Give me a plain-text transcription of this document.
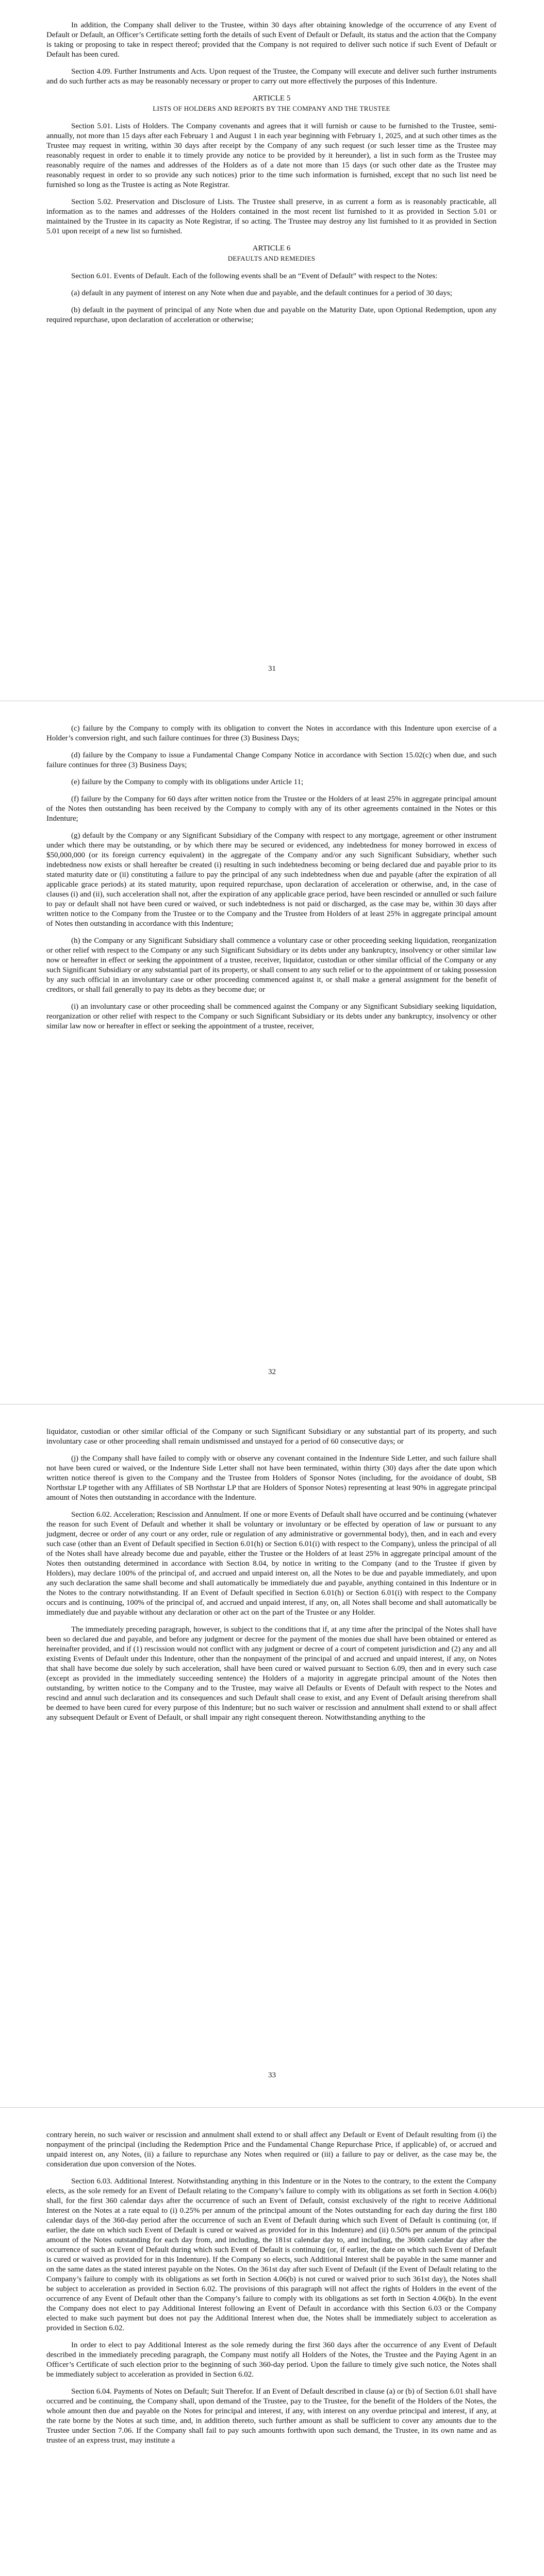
In addition, the Company shall deliver to the Trustee, within 30 days after obtaining knowledge of the occurrence of any Event of Default or Default, an Officer’s Certificate setting forth the details of such Event of Default or Default, its status and the action that the Company is taking or proposing to take in respect thereof; provided that the Company is not required to deliver such notice if such Event of Default or Default has been cured.

Section 4.09. Further Instruments and Acts. Upon request of the Trustee, the Company will execute and deliver such further instruments and do such further acts as may be reasonably necessary or proper to carry out more effectively the purposes of this Indenture.

ARTICLE 5
LISTS OF HOLDERS AND REPORTS BY THE COMPANY AND THE TRUSTEE

Section 5.01. Lists of Holders. The Company covenants and agrees that it will furnish or cause to be furnished to the Trustee, semi-annually, not more than 15 days after each February 1 and August 1 in each year beginning with February 1, 2025, and at such other times as the Trustee may request in writing, within 30 days after receipt by the Company of any such request (or such lesser time as the Trustee may reasonably request in order to enable it to timely provide any notice to be provided by it hereunder), a list in such form as the Trustee may reasonably require of the names and addresses of the Holders as of a date not more than 15 days (or such other date as the Trustee may reasonably request in order to so provide any such notices) prior to the time such information is furnished, except that no such list need be furnished so long as the Trustee is acting as Note Registrar.

Section 5.02. Preservation and Disclosure of Lists. The Trustee shall preserve, in as current a form as is reasonably practicable, all information as to the names and addresses of the Holders contained in the most recent list furnished to it as provided in Section 5.01 or maintained by the Trustee in its capacity as Note Registrar, if so acting. The Trustee may destroy any list furnished to it as provided in Section 5.01 upon receipt of a new list so furnished.

ARTICLE 6
DEFAULTS AND REMEDIES

Section 6.01. Events of Default. Each of the following events shall be an “Event of Default” with respect to the Notes:

(a) default in any payment of interest on any Note when due and payable, and the default continues for a period of 30 days;

(b) default in the payment of principal of any Note when due and payable on the Maturity Date, upon Optional Redemption, upon any required repurchase, upon declaration of acceleration or otherwise;

31

(c) failure by the Company to comply with its obligation to convert the Notes in accordance with this Indenture upon exercise of a Holder’s conversion right, and such failure continues for three (3) Business Days;

(d) failure by the Company to issue a Fundamental Change Company Notice in accordance with Section 15.02(c) when due, and such failure continues for three (3) Business Days;

(e) failure by the Company to comply with its obligations under Article 11;

(f) failure by the Company for 60 days after written notice from the Trustee or the Holders of at least 25% in aggregate principal amount of the Notes then outstanding has been received by the Company to comply with any of its other agreements contained in the Notes or this Indenture;

(g) default by the Company or any Significant Subsidiary of the Company with respect to any mortgage, agreement or other instrument under which there may be outstanding, or by which there may be secured or evidenced, any indebtedness for money borrowed in excess of $50,000,000 (or its foreign currency equivalent) in the aggregate of the Company and/or any such Significant Subsidiary, whether such indebtedness now exists or shall hereafter be created (i) resulting in such indebtedness becoming or being declared due and payable prior to its stated maturity date or (ii) constituting a failure to pay the principal of any such indebtedness when due and payable (after the expiration of all applicable grace periods) at its stated maturity, upon required repurchase, upon declaration of acceleration or otherwise, and, in the case of clauses (i) and (ii), such acceleration shall not, after the expiration of any applicable grace period, have been rescinded or annulled or such failure to pay or default shall not have been cured or waived, or such indebtedness is not paid or discharged, as the case may be, within 30 days after written notice to the Company from the Trustee or to the Company and the Trustee from Holders of at least 25% in aggregate principal amount of Notes then outstanding in accordance with this Indenture;

(h) the Company or any Significant Subsidiary shall commence a voluntary case or other proceeding seeking liquidation, reorganization or other relief with respect to the Company or any such Significant Subsidiary or its debts under any bankruptcy, insolvency or other similar law now or hereafter in effect or seeking the appointment of a trustee, receiver, liquidator, custodian or other similar official of the Company or any such Significant Subsidiary or any substantial part of its property, or shall consent to any such relief or to the appointment of or taking possession by any such official in an involuntary case or other proceeding commenced against it, or shall make a general assignment for the benefit of creditors, or shall fail generally to pay its debts as they become due; or

(i) an involuntary case or other proceeding shall be commenced against the Company or any Significant Subsidiary seeking liquidation, reorganization or other relief with respect to the Company or such Significant Subsidiary or its debts under any bankruptcy, insolvency or other similar law now or hereafter in effect or seeking the appointment of a trustee, receiver,

32

liquidator, custodian or other similar official of the Company or such Significant Subsidiary or any substantial part of its property, and such involuntary case or other proceeding shall remain undismissed and unstayed for a period of 60 consecutive days; or

(j) the Company shall have failed to comply with or observe any covenant contained in the Indenture Side Letter, and such failure shall not have been cured or waived, or the Indenture Side Letter shall not have been terminated, within thirty (30) days after the date upon which written notice thereof is given to the Company and the Trustee from Holders of Sponsor Notes (including, for the avoidance of doubt, SB Northstar LP together with any Affiliates of SB Northstar LP that are Holders of Sponsor Notes) representing at least 90% in aggregate principal amount of Notes then outstanding in accordance with the Indenture.

Section 6.02. Acceleration; Rescission and Annulment. If one or more Events of Default shall have occurred and be continuing (whatever the reason for such Event of Default and whether it shall be voluntary or involuntary or be effected by operation of law or pursuant to any judgment, decree or order of any court or any order, rule or regulation of any administrative or governmental body), then, and in each and every such case (other than an Event of Default specified in Section 6.01(h) or Section 6.01(i) with respect to the Company), unless the principal of all of the Notes shall have already become due and payable, either the Trustee or the Holders of at least 25% in aggregate principal amount of the Notes then outstanding determined in accordance with Section 8.04, by notice in writing to the Company (and to the Trustee if given by Holders), may declare 100% of the principal of, and accrued and unpaid interest on, all the Notes to be due and payable immediately, and upon any such declaration the same shall become and shall automatically be immediately due and payable, anything contained in this Indenture or in the Notes to the contrary notwithstanding. If an Event of Default specified in Section 6.01(h) or Section 6.01(i) with respect to the Company occurs and is continuing, 100% of the principal of, and accrued and unpaid interest, if any, on, all Notes shall become and shall automatically be immediately due and payable without any declaration or other act on the part of the Trustee or any Holder.

The immediately preceding paragraph, however, is subject to the conditions that if, at any time after the principal of the Notes shall have been so declared due and payable, and before any judgment or decree for the payment of the monies due shall have been obtained or entered as hereinafter provided, and if (1) rescission would not conflict with any judgment or decree of a court of competent jurisdiction and (2) any and all existing Events of Default under this Indenture, other than the nonpayment of the principal of and accrued and unpaid interest, if any, on Notes that shall have become due solely by such acceleration, shall have been cured or waived pursuant to Section 6.09, then and in every such case (except as provided in the immediately succeeding sentence) the Holders of a majority in aggregate principal amount of the Notes then outstanding, by written notice to the Company and to the Trustee, may waive all Defaults or Events of Default with respect to the Notes and rescind and annul such declaration and its consequences and such Default shall cease to exist, and any Event of Default arising therefrom shall be deemed to have been cured for every purpose of this Indenture; but no such waiver or rescission and annulment shall extend to or shall affect any subsequent Default or Event of Default, or shall impair any right consequent thereon. Notwithstanding anything to the

33

contrary herein, no such waiver or rescission and annulment shall extend to or shall affect any Default or Event of Default resulting from (i) the nonpayment of the principal (including the Redemption Price and the Fundamental Change Repurchase Price, if applicable) of, or accrued and unpaid interest on, any Notes, (ii) a failure to repurchase any Notes when required or (iii) a failure to pay or deliver, as the case may be, the consideration due upon conversion of the Notes.

Section 6.03. Additional Interest. Notwithstanding anything in this Indenture or in the Notes to the contrary, to the extent the Company elects, as the sole remedy for an Event of Default relating to the Company’s failure to comply with its obligations as set forth in Section 4.06(b) shall, for the first 360 calendar days after the occurrence of such an Event of Default, consist exclusively of the right to receive Additional Interest on the Notes at a rate equal to (i) 0.25% per annum of the principal amount of the Notes outstanding for each day during the first 180 calendar days of the 360-day period after the occurrence of such an Event of Default during which such Event of Default is continuing (or, if earlier, the date on which such Event of Default is cured or waived as provided for in this Indenture) and (ii) 0.50% per annum of the principal amount of the Notes outstanding for each day from, and including, the 181st calendar day to, and including, the 360th calendar day after the occurrence of such an Event of Default during which such Event of Default is continuing (or, if earlier, the date on which such Event of Default is cured or waived as provided for in this Indenture). If the Company so elects, such Additional Interest shall be payable in the same manner and on the same dates as the stated interest payable on the Notes. On the 361st day after such Event of Default (if the Event of Default relating to the Company’s failure to comply with its obligations as set forth in Section 4.06(b) is not cured or waived prior to such 361st day), the Notes shall be subject to acceleration as provided in Section 6.02. The provisions of this paragraph will not affect the rights of Holders in the event of the occurrence of any Event of Default other than the Company’s failure to comply with its obligations as set forth in Section 4.06(b). In the event the Company does not elect to pay Additional Interest following an Event of Default in accordance with this Section 6.03 or the Company elected to make such payment but does not pay the Additional Interest when due, the Notes shall be immediately subject to acceleration as provided in Section 6.02.

In order to elect to pay Additional Interest as the sole remedy during the first 360 days after the occurrence of any Event of Default described in the immediately preceding paragraph, the Company must notify all Holders of the Notes, the Trustee and the Paying Agent in an Officer’s Certificate of such election prior to the beginning of such 360-day period. Upon the failure to timely give such notice, the Notes shall be immediately subject to acceleration as provided in Section 6.02.

Section 6.04. Payments of Notes on Default; Suit Therefor. If an Event of Default described in clause (a) or (b) of Section 6.01 shall have occurred and be continuing, the Company shall, upon demand of the Trustee, pay to the Trustee, for the benefit of the Holders of the Notes, the whole amount then due and payable on the Notes for principal and interest, if any, with interest on any overdue principal and interest, if any, at the rate borne by the Notes at such time, and, in addition thereto, such further amount as shall be sufficient to cover any amounts due to the Trustee under Section 7.06. If the Company shall fail to pay such amounts forthwith upon such demand, the Trustee, in its own name and as trustee of an express trust, may institute a
